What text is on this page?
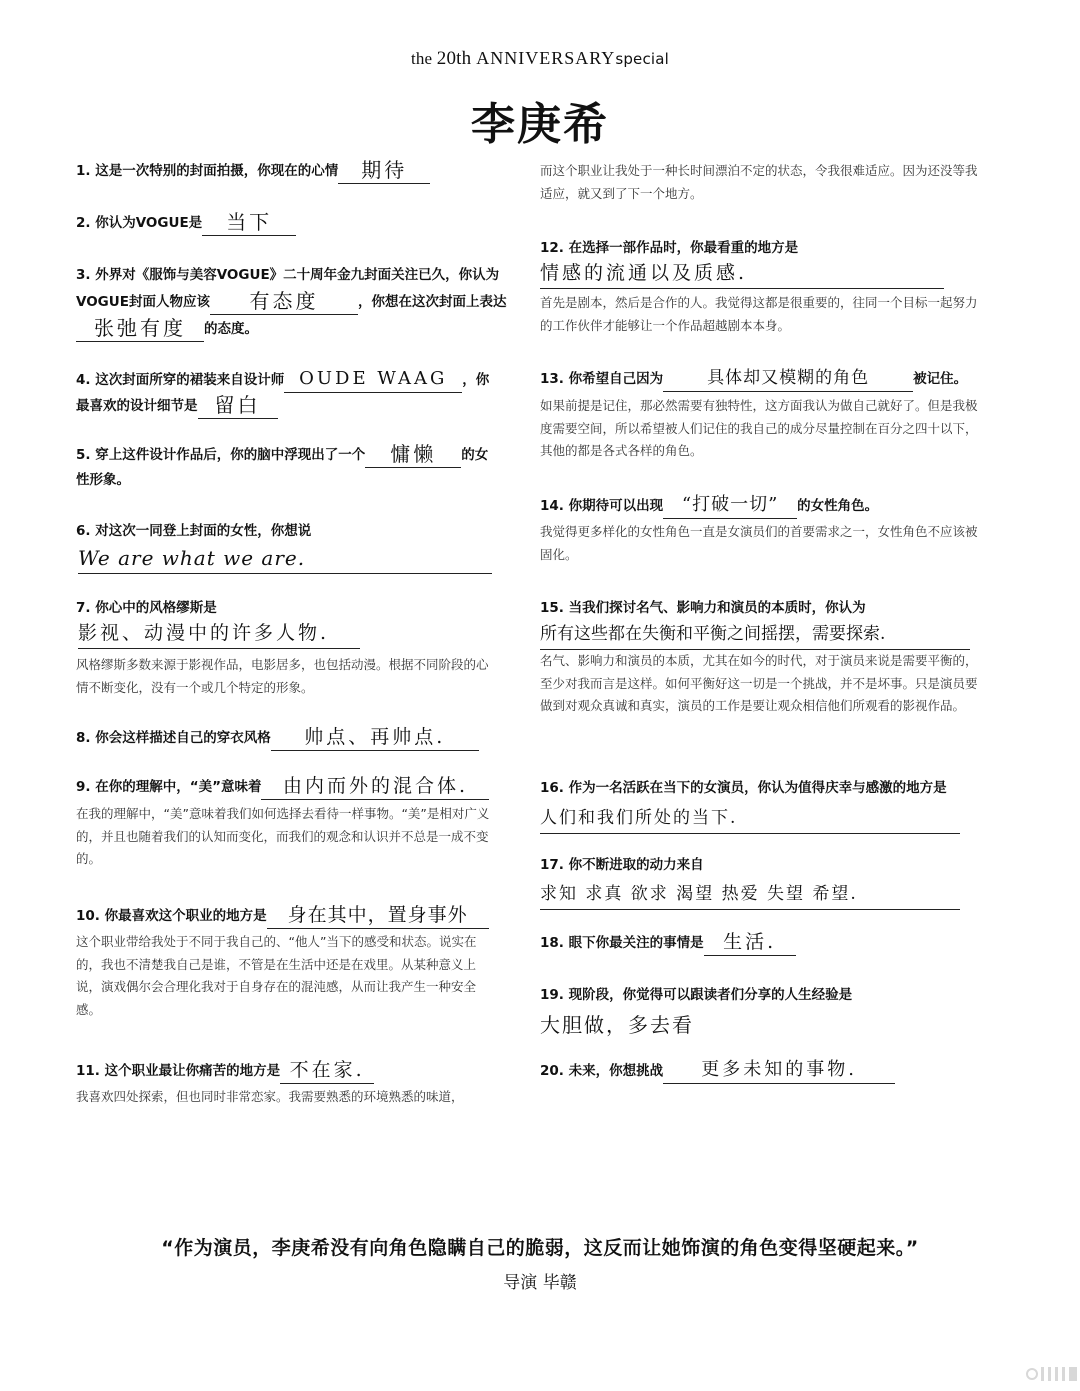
the 20th ANNIVERSARYspecial
李庚希
1. 这是一次特别的封面拍摄，你现在的心情 期待
2. 你认为VOGUE是 当下
3. 外界对《服饰与美容VOGUE》二十周年金九封面关注已久，你认为
VOGUE封面人物应该 有态度	，你想在这次封面上表达
张弛有度 的态度。
4. 这次封面所穿的裙装来自设计师 OUDE WAAG ，你
最喜欢的设计细节是 留白
5. 穿上这件设计作品后，你的脑中浮现出了一个 慵懒 的女
性形象。
6. 对这次一同登上封面的女性，你想说
We are what we are.
7. 你心中的风格缪斯是
影视、动漫中的许多人物.
风格缪斯多数来源于影视作品，电影居多，也包括动漫。根据不同阶段的心情不断变化，没有一个或几个特定的形象。
8. 你会这样描述自己的穿衣风格 帅点、再帅点.
9. 在你的理解中，“美”意味着 由内而外的混合体.
在我的理解中，“美”意味着我们如何选择去看待一样事物。“美”是相对广义的，并且也随着我们的认知而变化，而我们的观念和认识并不总是一成不变的。
10. 你最喜欢这个职业的地方是 身在其中，置身事外
这个职业带给我处于不同于我自己的、“他人”当下的感受和状态。说实在的，我也不清楚我自己是谁，不管是在生活中还是在戏里。从某种意义上说，演戏偶尔会合理化我对于自身存在的混沌感，从而让我产生一种安全感。
11. 这个职业最让你痛苦的地方是 不在家.
我喜欢四处探索，但也同时非常恋家。我需要熟悉的环境熟悉的味道，
而这个职业让我处于一种长时间漂泊不定的状态，令我很难适应。因为还没等我适应，就又到了下一个地方。
12. 在选择一部作品时，你最看重的地方是
情感的流通以及质感.
首先是剧本，然后是合作的人。我觉得这都是很重要的，往同一个目标一起努力的工作伙伴才能够让一个作品超越剧本本身。
13. 你希望自己因为	具体却又模糊的角色	被记住。
如果前提是记住，那必然需要有独特性，这方面我认为做自己就好了。但是我极度需要空间，所以希望被人们记住的我自己的成分尽量控制在百分之四十以下，其他的都是各式各样的角色。
14. 你期待可以出现 “打破一切” 的女性角色。
我觉得更多样化的女性角色一直是女演员们的首要需求之一，女性角色不应该被固化。
15. 当我们探讨名气、影响力和演员的本质时，你认为
所有这些都在失衡和平衡之间摇摆，需要探索.
名气、影响力和演员的本质，尤其在如今的时代，对于演员来说是需要平衡的，至少对我而言是这样。如何平衡好这一切是一个挑战，并不是坏事。只是演员要做到对观众真诚和真实，演员的工作是要让观众相信他们所观看的影视作品。
16. 作为一名活跃在当下的女演员，你认为值得庆幸与感激的地方是
人们和我们所处的当下.
17. 你不断进取的动力来自
求知 求真 欲求 渴望 热爱 失望 希望.
18. 眼下你最关注的事情是 生活.
19. 现阶段，你觉得可以跟读者们分享的人生经验是
大胆做，多去看
20. 未来，你想挑战 更多未知的事物.
“作为演员，李庚希没有向角色隐瞒自己的脆弱，这反而让她饰演的角色变得坚硬起来。”
导演 毕赣
